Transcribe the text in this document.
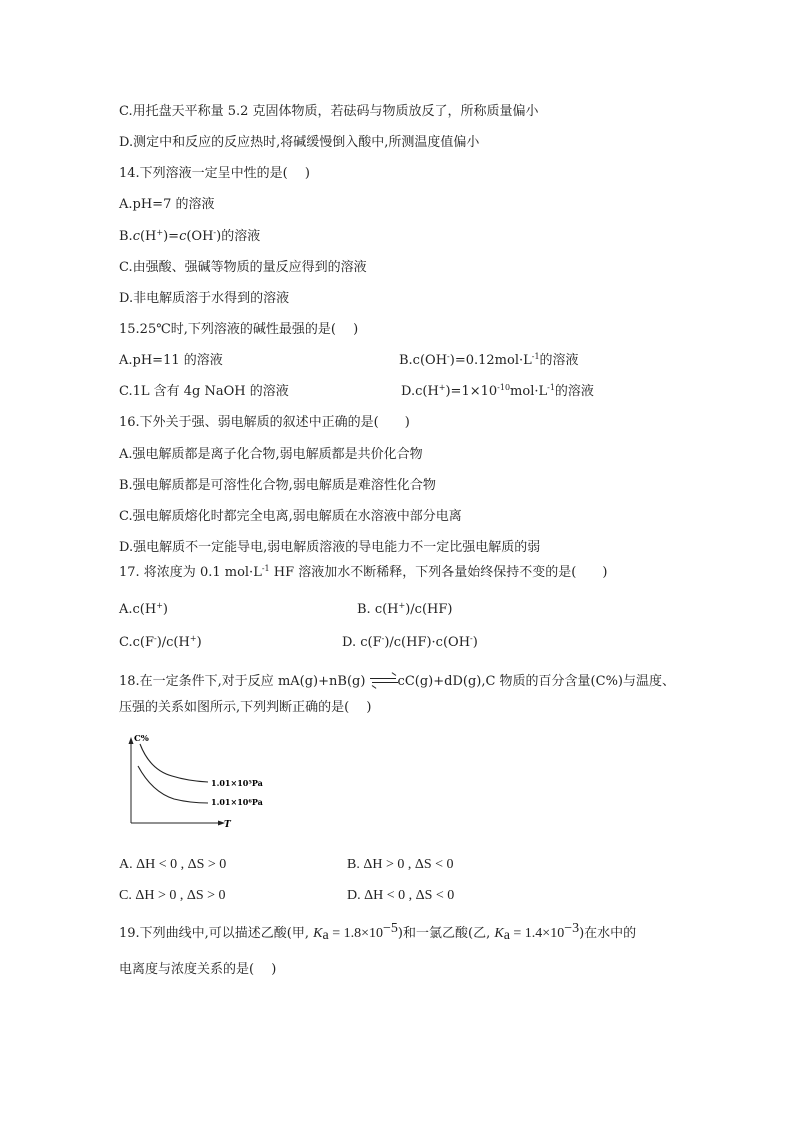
C.用托盘天平称量 5.2 克固体物质，若砝码与物质放反了，所称质量偏小
D.测定中和反应的反应热时,将碱缓慢倒入酸中,所测温度值偏小
14.下列溶液一定呈中性的是(　 )
A.pH=7 的溶液
B.c(H+)=c(OH-)的溶液
C.由强酸、强碱等物质的量反应得到的溶液
D.非电解质溶于水得到的溶液
15.25℃时,下列溶液的碱性最强的是(　 )
A.pH=11 的溶液	$B.c(OH^-)=0.12mol\cdot L^{-1}$的溶液
C.1L 含有 4g NaOH 的溶液	$D.c(H^+)=1\times 10^{-10}mol\cdot L^{-1}$的溶液
16.下外关于强、弱电解质的叙述中正确的是(　　)
A.强电解质都是离子化合物,弱电解质都是共价化合物
B.强电解质都是可溶性化合物,弱电解质是难溶性化合物
C.强电解质熔化时都完全电离,弱电解质在水溶液中部分电离
D.强电解质不一定能导电,弱电解质溶液的导电能力不一定比强电解质的弱
17. 将浓度为 0.1 $mol\cdot L^{-1}$ HF 溶液加水不断稀释，下列各量始终保持不变的是(　　)
A.c(H+)	B. c(H+)/c(HF)
C.c(F-)/c(H+)	D. c(F-)/c(HF)·c(OH-)
18.在一定条件下,对于反应 mA(g)+nB(g) ⇌cC(g)+dD(g),C 物质的百分含量(C%)与温度、
压强的关系如图所示,下列判断正确的是(　 )
C%
T
1.01×10⁵Pa
1.01×10⁶Pa
A. ΔH < 0 , ΔS > 0	B. ΔH > 0 , ΔS < 0
C. ΔH > 0 , ΔS > 0	D. ΔH < 0 , ΔS < 0
19.下列曲线中,可以描述乙酸(甲, $K_a = 1.8\times 10^{-5}$)和一氯乙酸(乙, $K_a = 1.4\times 10^{-3}$)在水中的
电离度与浓度关系的是(　 )
